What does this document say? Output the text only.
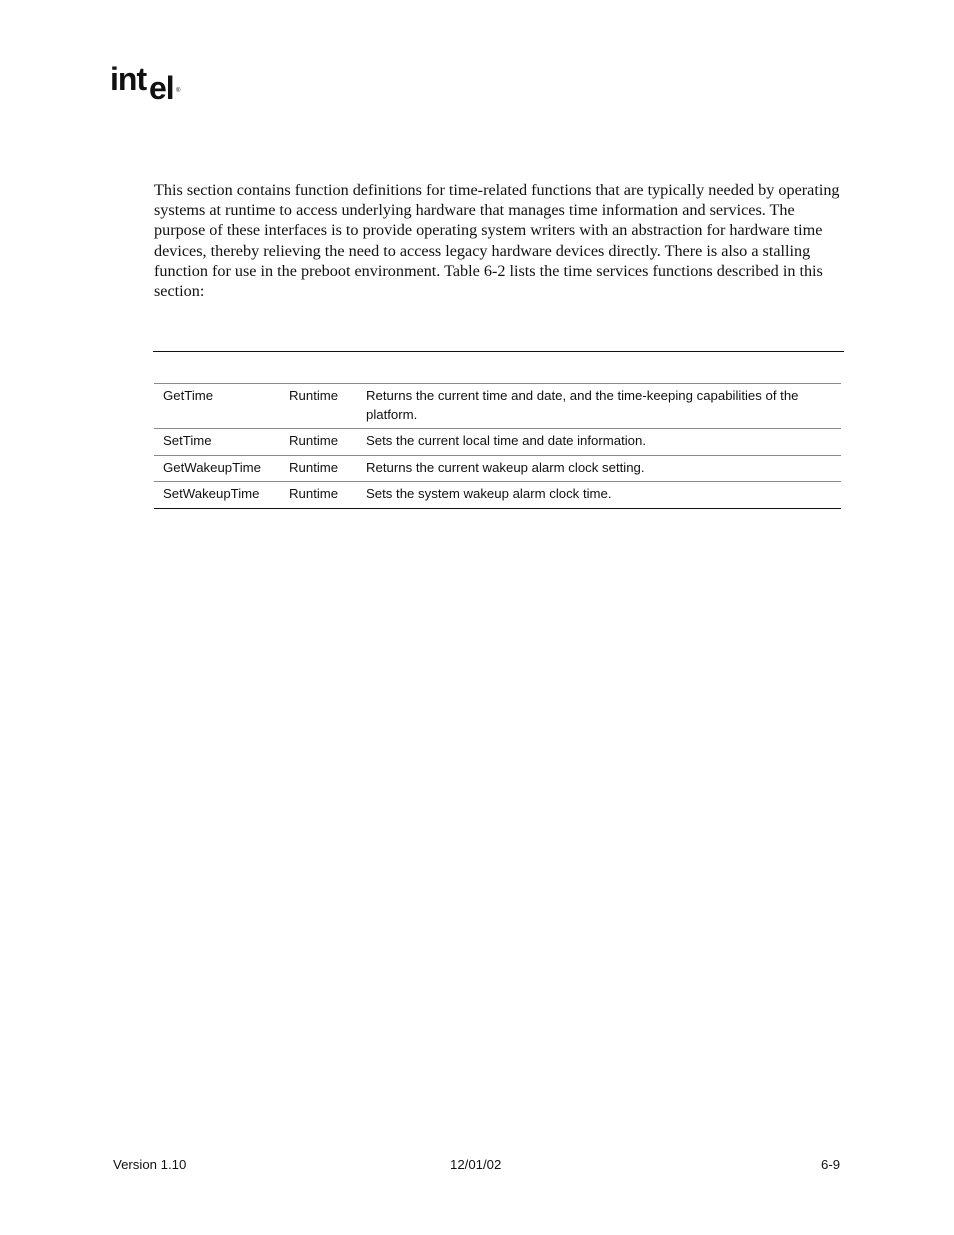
int el ®

This section contains function definitions for time-related functions that are typically needed by operating systems at runtime to access underlying hardware that manages time information and services. The purpose of these interfaces is to provide operating system writers with an abstraction for hardware time devices, thereby relieving the need to access legacy hardware devices directly. There is also a stalling function for use in the preboot environment. Table 6-2 lists the time services functions described in this section:

GetTime	Runtime	Returns the current time and date, and the time-keeping capabilities of the platform.
SetTime	Runtime	Sets the current local time and date information.
GetWakeupTime	Runtime	Returns the current wakeup alarm clock setting.
SetWakeupTime	Runtime	Sets the system wakeup alarm clock time.
Version 1.10	12/01/02	6-9
